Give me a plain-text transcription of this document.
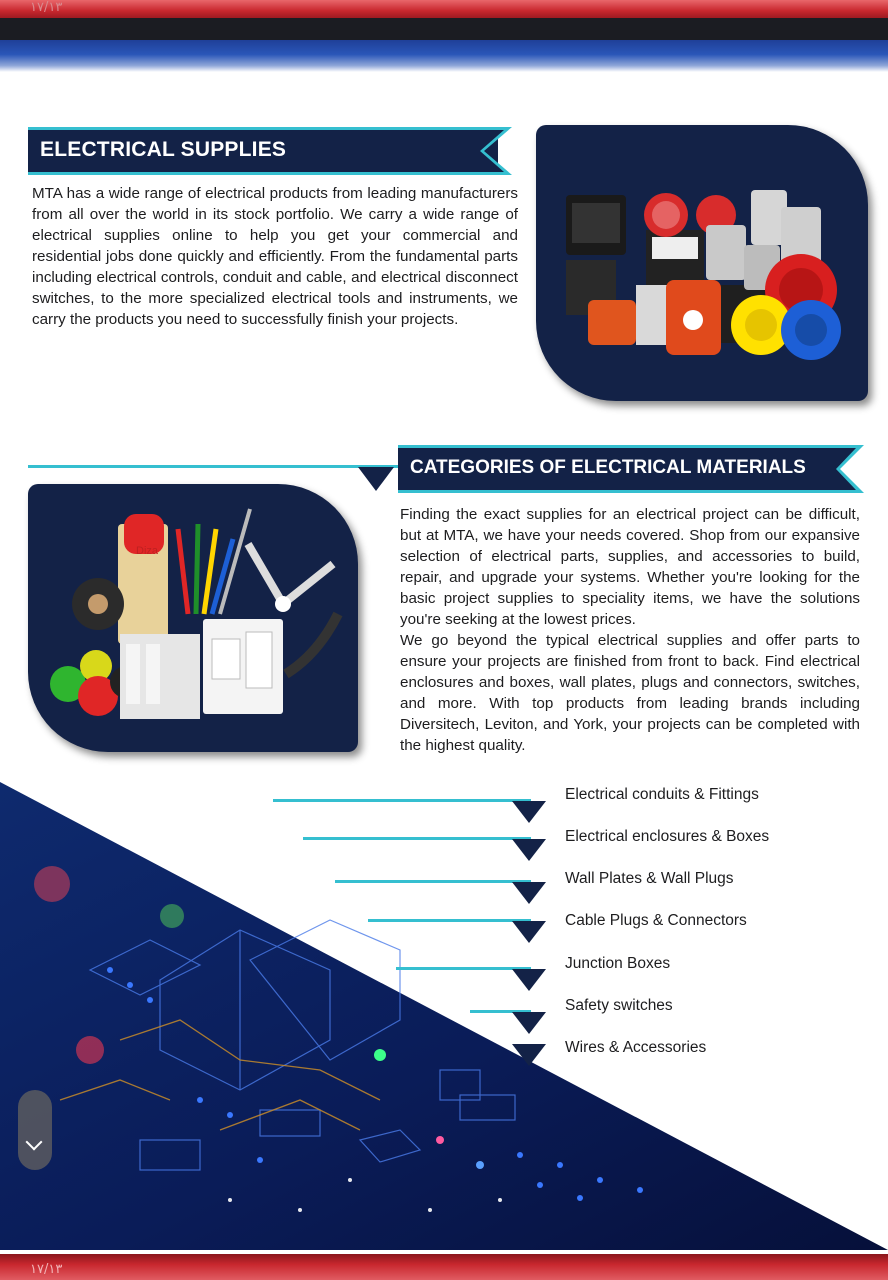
١٧/١٣
ELECTRICAL SUPPLIES
MTA has a wide range of electrical products from leading manufacturers from all over the world in its stock portfolio. We carry a wide range of electrical supplies online to help you get your commercial and residential jobs done quickly and efficiently. From the fundamental parts including electrical controls, conduit and cable, and electrical disconnect switches, to the more specialized electrical tools and instruments, we carry the products you need to successfully finish your projects.
CATEGORIES OF ELECTRICAL MATERIALS
Diza
Finding the exact supplies for an electrical project can be difficult, but at MTA, we have your needs covered. Shop from our expansive selection of electrical parts, supplies, and accessories to build, repair, and upgrade your systems. Whether you're looking for the basic project supplies to speciality items, we have the solutions you're seeking at the lowest prices.
We go beyond the typical electrical supplies and offer parts to ensure your projects are finished from front to back. Find electrical enclosures and boxes, wall plates, plugs and connectors, switches, and more. With top products from leading brands including Diversitech, Leviton, and York, your projects can be completed with the highest quality.
Electrical conduits & Fittings
Electrical enclosures & Boxes
Wall Plates & Wall Plugs
Cable Plugs & Connectors
Junction Boxes
Safety switches
Wires & Accessories
١٧/١٣
